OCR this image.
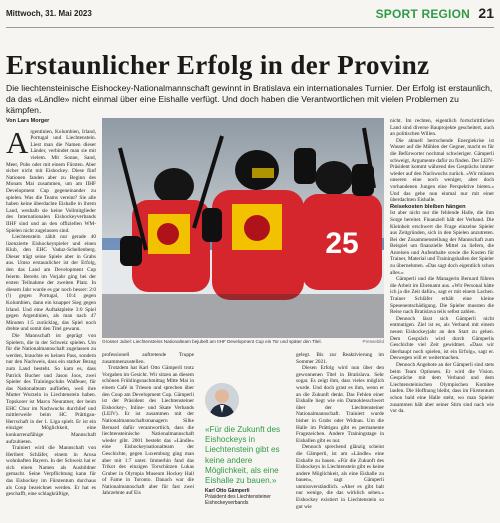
Mittwoch, 31. Mai 2023	SPORT REGION 21
Erstaunlicher Erfolg in der Provinz
Die liechtensteinische Eishockey-Nationalmannschaft gewinnt in Bratislava ein internationales Turnier. Der Erfolg ist erstaunlich, da das «Ländle» nicht einmal über eine Eishalle verfügt. Und doch haben die Verantwortlichen mit vielen Problemen zu kämpfen.
Von Lars Morger
A rgentinien, Kolumbien, Irland, Portugal und Liechtenstein. Liest man die Namen dieser Länder, verbindet man sie mit vielem. Mit Sonne, Sand, Meer, Pubs oder mit einem Fürsten. Aber sicher nicht mit Eishockey. Diese fünf Nationen fanden aber zu Beginn des Monats Mai zusammen, um am IIHF Development Cup gegeneinander zu spielen. Was die Teams vereint? Sie alle haben keine überdachte Eishalle in ihrem Land, weshalb sie keine Vollmitglieder des Internationalen Eishockeyverbands IIHF sind und an den offiziellen WM-Spielen nicht zugelassen sind.

Liechtenstein zählt nur gerade 40 lizenzierte Eishockeyspieler und einen Klub, den EHC Vaduz-Schellenberg. Dieser trägt seine Spiele aber in Grabs aus. Umso erstaunlicher ist der Erfolg, den das Land am Development Cup feierte. Bereits im Vorjahr ging bei der ersten Teilnahme der zweiten Platz. In diesem Jahr wurde es gar noch besser: 2:0 (!) gegen Portugal, 10:4 gegen Kolumbien, dann ein knapper Sieg gegen Irland. Und eine Auftaktpleite 3:0 Spiel gegen Argentinien, als man nach 47 Minuten 1:5 zurücklag, das Spiel noch drehte und somit den Titel gewann.

Die Mannschaft ist geprägt von Spielern, die in der Schweiz spielen. Um für die Nationalmannschaft zugelassen zu werden, brauchte es keinen Pass, sondern nur den Nachweis, dass ein starker Bezug zum Land besteht. So kam es, dass Patrick Bucher und Jason Joos, zwei Spieler des Trainingsclubs Walfeuer, für das Nationalteam aufliefen, weil ihre Mutter Wurzeln in Liechtenstein haben. Topskorer ist Marco Neuratner, der beim EHC Chur im Nachwuchs durchlief und mittlerweile beim HC Prättigau-Herrschaft in der 1. Liga spielt. Er ist ein einziger Möglichkeit, eine konkurrenzfähige Mannschaft aufzubieten.

Trainiert wird die Mannschaft von Heribert Schläfer, einem in Arosa wohnhaften Bayern. In der Schweiz hat er sich einen Namen als Ausbildner gemacht. Seine Verpflichtung kann für das Eishockey im Fürstentum durchaus als Coup bezeichnet werden. Er hat es geschafft, eine schlagkräftige,

25
Grosser Jubel: Liechtensteins Nationalteam bejubelt am IIHF Development Cup ein Tor und später den Titel.	Pressebild

professionell auftretende Truppe zusammenzustellen.

Trotzdem hat Karl Otto Gämperli trotz Vorgaben im Gesicht. Wir sitzen an diesem schönen Frühlingsnachmittag Mitte Mai in einem Café in Triesen und sprechen über den Coup am Development Cup. Gämperli ist der Präsident des Liechtensteiner Eishockey-, Inline- und Skate Verbands (LEIV). Er ist zusammen mit der Nationalmannschaftsmanagern Silke Bernard dafür verantwortlich, dass die liechtensteinische Nationalmannschaft wieder gibt. 2001 besteht das «Ländle» eine Eishockeynationalteam der Geschichte, gegen Luxemburg ging man aber mit 1:7 unter. Immerhin fand das Trikot des einzigen Torschützen Lukas Gruber in Olympia Museum Hockey Hall of Fame in Toronto. Danach war die Nationalmannschaft aber für fast zwei Jahrzehnte auf Eis

«Für die Zukunft des Eishockeys in Liechtenstein gibt es keine andere Möglichkeit, als eine Eishalle zu bauen.»
Karl Otto Gämperli
Präsident des Liechtensteiner Eishockeyverbands

gelegt. Bis zur Reaktivierung im Sommer 2021.

Diesen Erfolg wird nun über den gewonnenen Titel in Bratislava. Sehr sogar. Es zeigt ihm, dass vieles möglich wurde. Und doch grast es ihm, wenn er an die Zukunft denkt. Das Fehlen einer Eishalle liegt wie ein Damoklesschwert über der Liechtensteiner Nationalmannschaft. Trainiert wurde bisher in Grabs oder Widnau. Um die Halle im Prättigau gibt es permanente Fragezeichen. Andere Trainingstage in Eishallen gibt es nur.

Dennoch sprechend glänzig scheint die Gämperli, ist am «Ländle» eine Eishalle zu bauen. «Für die Zukunft des Eishockeys in Liechtenstein gibt es keine andere Möglichkeit, als eine Eishalle zu bauen», sagt Gämperli unmissverständlich. «Aber es gibt halt nur wenige, die das wirklich sehen.» Eishockey existiert in Liechtenstein so gut wie

nicht. Im rechten, eigentlich fortschrittlichen Land sind diverse Bauprojekte gescheitert, auch an politischen Willen.

Die aktuell herrschende Energiekrise ist Wasser auf die Mühlen der Gegner, macht es für die Befürworter nochmal schwieriger. Gämperli schweigt, Argumente dafür zu finden. Der LEIV-Präsident kommt während des Gesprächs immer wieder auf den Nachwuchs zurück. «Wir müssen unseren eine noch weniger, aber doch vorhandenen Jungen eine Perspektive bieten.» Und das gehe nun einmal nur mit einer überdachten Eishalle.

Reisekosten bleiben hängen

Ist aber nicht nur die fehlende Halle, die ihm Sorge bereitet. Finanziell hält der Verband. Die Kleinheit erschwert die Frage einzelne Spieler aus Zeitgründen, sich in den Spielen anzutreten. Bei der Zusammenstellung der Mannschaft zum Beispiel um finanzielle Mittel zu liefern, die Anreisen und Aufenthalte sowie die Kosten für Trainer, Material und Trainingshallen der Spieler zu übernehmen. «Das sagt doch eigentlich schon alles.»

Gämperli und die Managerin Bernard führen die Arbeit im Ehrenamt aus. «Wir Personal hätte ich ja die Zeit dafür», sagt er mit einem Lachen. Trainer Schläfer erhält eine kleine Spesenentschädigung. Die Spieler mussten die Reise nach Bratislava teils selbst zahlen.

Dennoch lässt sich Gämperli nicht entmutigen. Ziel ist es, als Verband mit einem neuen Eishockeyjahr an den Start zu gehen. Dem Gespräch wird durch Gämperlis Geschichte viel Zeit gewidmet. «Dass wir überhaupt noch spielen, ist ein Erfolg», sagt er. Deswegen will er weitermachen.

Dennoch Angebote an der Gämperli sind stets beim Team Optionen. Er wird die Vision. Gespräche mit dem Verband und dem Liechtensteinischen Olympischen Komitee laufen. Die Hoffnung bleibt, dass im Fürstentum schon bald eine Halle steht, wo man Spieler zusammen hält aber seiner Stirn sind nach wie vor da.
